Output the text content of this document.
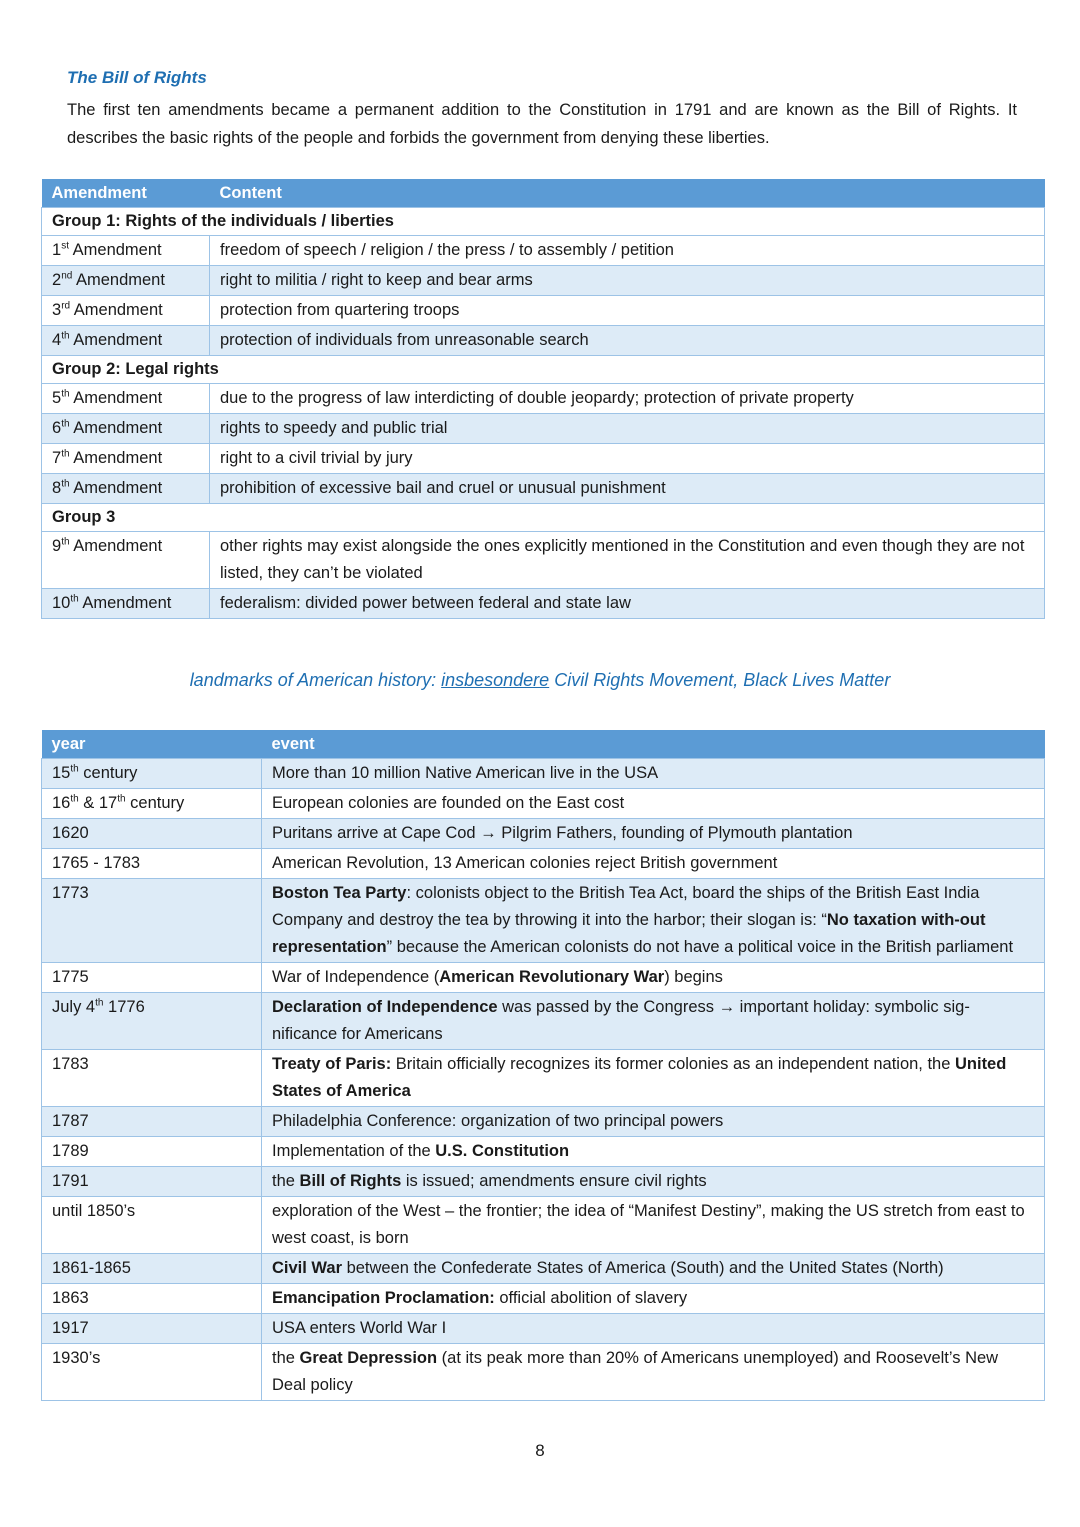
The Bill of Rights
The first ten amendments became a permanent addition to the Constitution in 1791 and are known as the Bill of Rights. It describes the basic rights of the people and forbids the government from denying these liberties.
Amendment	Content
Group 1: Rights of the individuals / liberties	
1st Amendment	freedom of speech / religion / the press / to assembly / petition
2nd Amendment	right to militia / right to keep and bear arms
3rd Amendment	protection from quartering troops
4th Amendment	protection of individuals from unreasonable search
Group 2: Legal rights	
5th Amendment	due to the progress of law interdicting of double jeopardy; protection of private property
6th Amendment	rights to speedy and public trial
7th Amendment	right to a civil trivial by jury
8th Amendment	prohibition of excessive bail and cruel or unusual punishment
Group 3	
9th Amendment	other rights may exist alongside the ones explicitly mentioned in the Constitution and even though they are not listed, they can’t be violated
10th Amendment	federalism: divided power between federal and state law
landmarks of American history: insbesondere Civil Rights Movement, Black Lives Matter
year	event
15th century	More than 10 million Native American live in the USA
16th & 17th century	European colonies are founded on the East cost
1620	Puritans arrive at Cape Cod → Pilgrim Fathers, founding of Plymouth plantation
1765 - 1783	American Revolution, 13 American colonies reject British government
1773	Boston Tea Party: colonists object to the British Tea Act, board the ships of the British East India Company and destroy the tea by throwing it into the harbor; their slogan is: “No taxation with-out representation” because the American colonists do not have a political voice in the British parliament
1775	War of Independence (American Revolutionary War) begins
July 4th 1776	Declaration of Independence was passed by the Congress → important holiday: symbolic sig-nificance for Americans
1783	Treaty of Paris: Britain officially recognizes its former colonies as an independent nation, the United States of America
1787	Philadelphia Conference: organization of two principal powers
1789	Implementation of the U.S. Constitution
1791	the Bill of Rights is issued; amendments ensure civil rights
until 1850’s	exploration of the West – the frontier; the idea of “Manifest Destiny”, making the US stretch from east to west coast, is born
1861-1865	Civil War between the Confederate States of America (South) and the United States (North)
1863	Emancipation Proclamation: official abolition of slavery
1917	USA enters World War I
1930’s	the Great Depression (at its peak more than 20% of Americans unemployed) and Roosevelt’s New Deal policy
8
